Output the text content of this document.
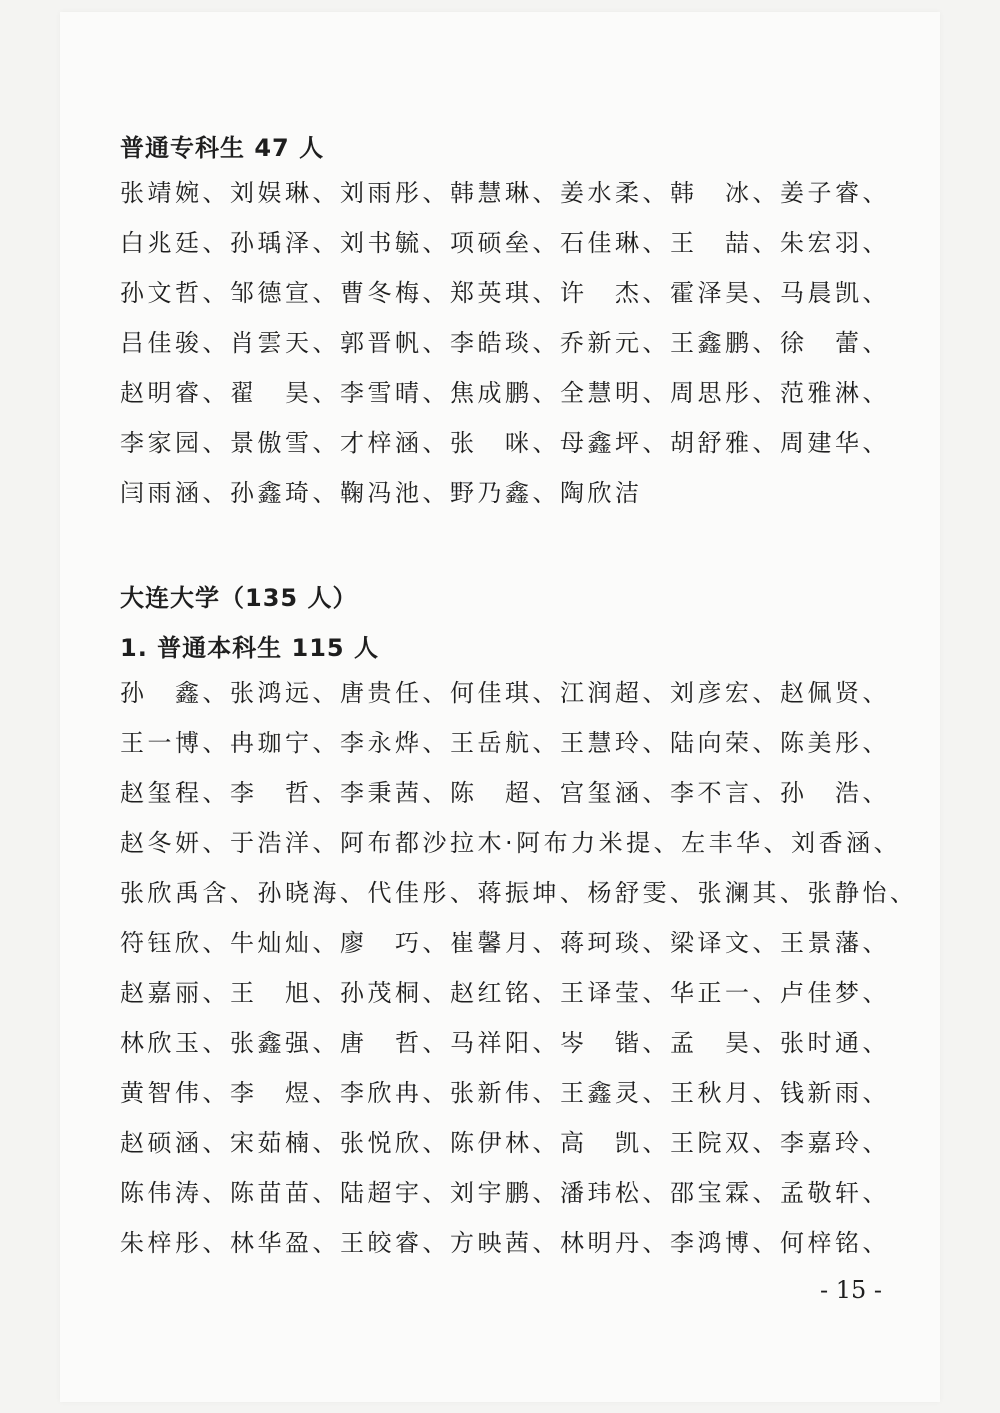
普通专科生 47 人
张靖婉、刘娱琳、刘雨彤、韩慧琳、姜水柔、韩　冰、姜子睿、
白兆廷、孙瑀泽、刘书毓、项硕垒、石佳琳、王　喆、朱宏羽、
孙文哲、邹德宣、曹冬梅、郑英琪、许　杰、霍泽昊、马晨凯、
吕佳骏、肖雲天、郭晋帆、李皓琰、乔新元、王鑫鹏、徐　蕾、
赵明睿、翟　昊、李雪晴、焦成鹏、全慧明、周思彤、范雅淋、
李家园、景傲雪、才梓涵、张　咪、母鑫坪、胡舒雅、周建华、
闫雨涵、孙鑫琦、鞠冯池、野乃鑫、陶欣洁
大连大学（135 人）
1. 普通本科生 115 人
孙　鑫、张鸿远、唐贵任、何佳琪、江润超、刘彦宏、赵佩贤、
王一博、冉珈宁、李永烨、王岳航、王慧玲、陆向荣、陈美彤、
赵玺程、李　哲、李秉茜、陈　超、宫玺涵、李不言、孙　浩、
赵冬妍、于浩洋、阿布都沙拉木·阿布力米提、左丰华、刘香涵、
张欣禹含、孙晓海、代佳彤、蒋振坤、杨舒雯、张澜其、张静怡、
符钰欣、牛灿灿、廖　巧、崔馨月、蒋珂琰、梁译文、王景藩、
赵嘉丽、王　旭、孙茂桐、赵红铭、王译莹、华正一、卢佳梦、
林欣玉、张鑫强、唐　哲、马祥阳、岑　锴、孟　昊、张时通、
黄智伟、李　煜、李欣冉、张新伟、王鑫灵、王秋月、钱新雨、
赵硕涵、宋茹楠、张悦欣、陈伊林、高　凯、王院双、李嘉玲、
陈伟涛、陈苗苗、陆超宇、刘宇鹏、潘玮松、邵宝霖、孟敬轩、
朱梓彤、林华盈、王皎睿、方映茜、林明丹、李鸿博、何梓铭、
- 15 -
